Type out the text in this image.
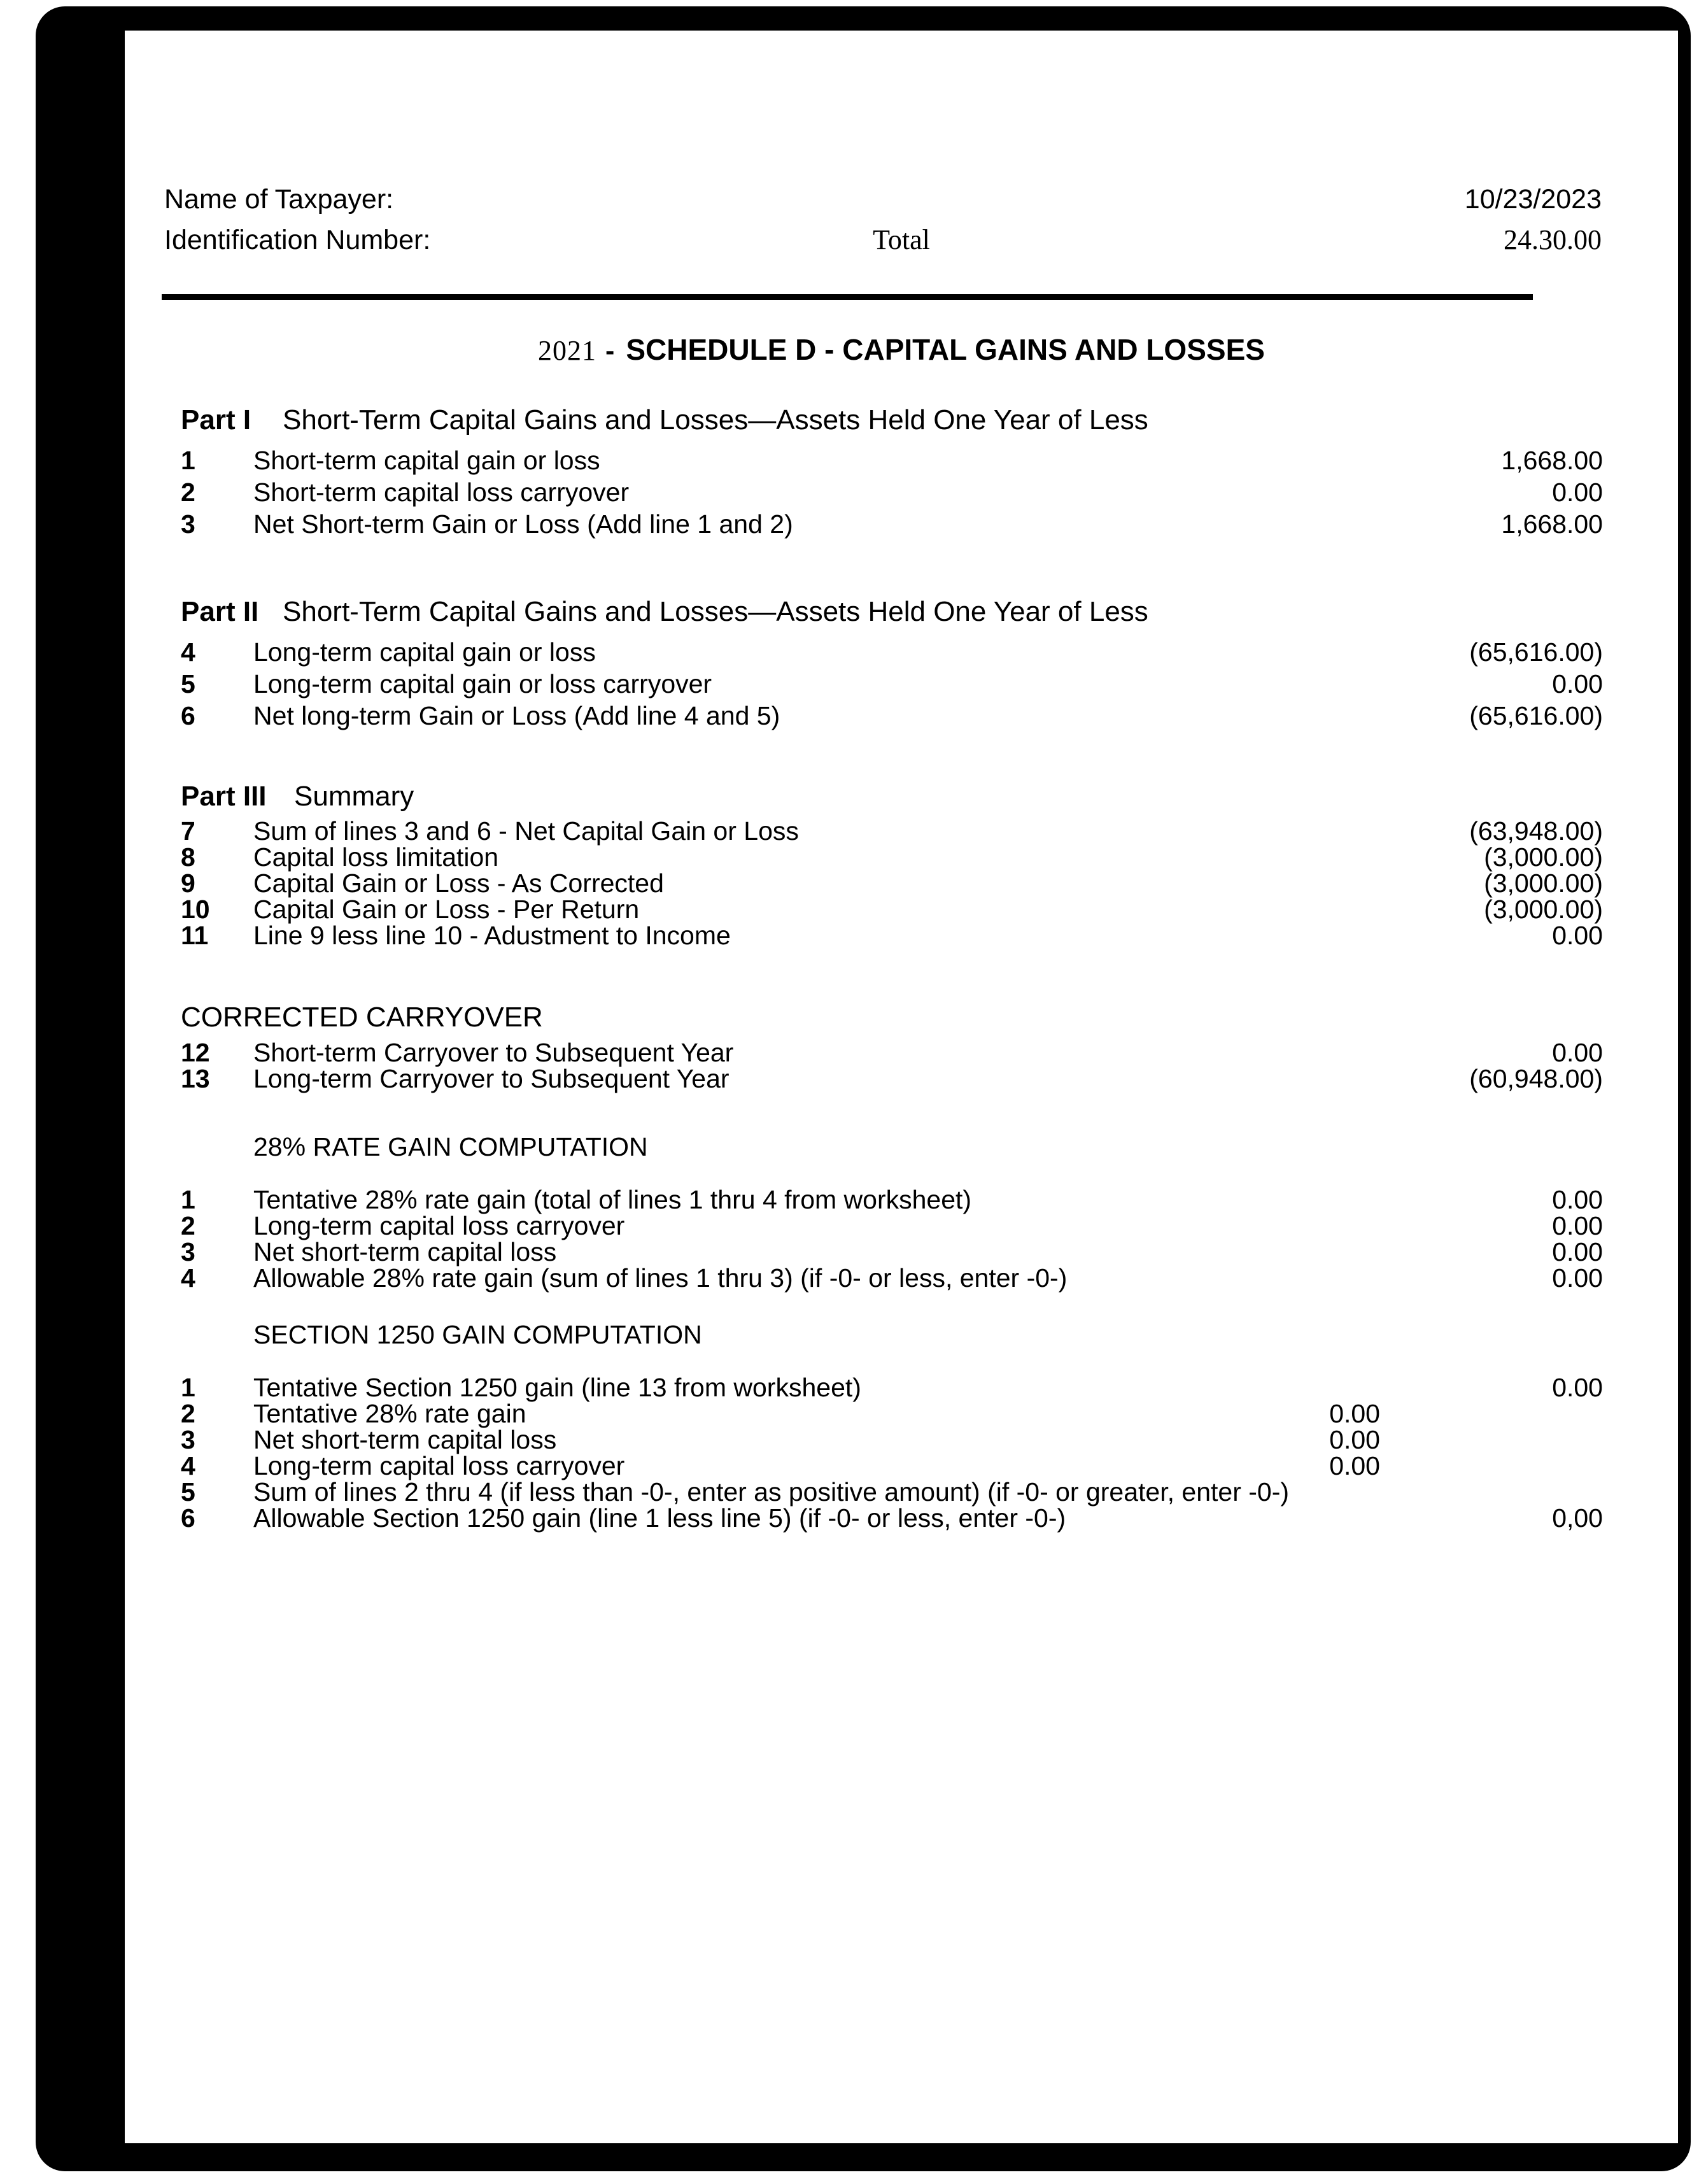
Name of Taxpayer:	10/23/2023
Identification Number:	Total	24.30.00
2021 - SCHEDULE D - CAPITAL GAINS AND LOSSES
Part I Short-Term Capital Gains and Losses—Assets Held One Year of Less
1 Short-term capital gain or loss	1,668.00
2 Short-term capital loss carryover	0.00
3 Net Short-term Gain or Loss (Add line 1 and 2)	1,668.00
Part II Short-Term Capital Gains and Losses—Assets Held One Year of Less
4 Long-term capital gain or loss	(65,616.00)
5 Long-term capital gain or loss carryover	0.00
6 Net long-term Gain or Loss (Add line 4 and 5)	(65,616.00)
Part III Summary
7 Sum of lines 3 and 6 - Net Capital Gain or Loss	(63,948.00)
8 Capital loss limitation	(3,000.00)
9 Capital Gain or Loss - As Corrected	(3,000.00)
10 Capital Gain or Loss - Per Return	(3,000.00)
11 Line 9 less line 10 - Adustment to Income	0.00
CORRECTED CARRYOVER
12 Short-term Carryover to Subsequent Year	0.00
13 Long-term Carryover to Subsequent Year	(60,948.00)
28% RATE GAIN COMPUTATION
1 Tentative 28% rate gain (total of lines 1 thru 4 from worksheet)	0.00
2 Long-term capital loss carryover	0.00
3 Net short-term capital loss	0.00
4 Allowable 28% rate gain (sum of lines 1 thru 3) (if -0- or less, enter -0-)	0.00
SECTION 1250 GAIN COMPUTATION
1 Tentative Section 1250 gain (line 13 from worksheet)	0.00
2 Tentative 28% rate gain	0.00
3 Net short-term capital loss	0.00
4 Long-term capital loss carryover	0.00
5 Sum of lines 2 thru 4 (if less than -0-, enter as positive amount) (if -0- or greater, enter -0-)
6 Allowable Section 1250 gain (line 1 less line 5) (if -0- or less, enter -0-)	0,00
